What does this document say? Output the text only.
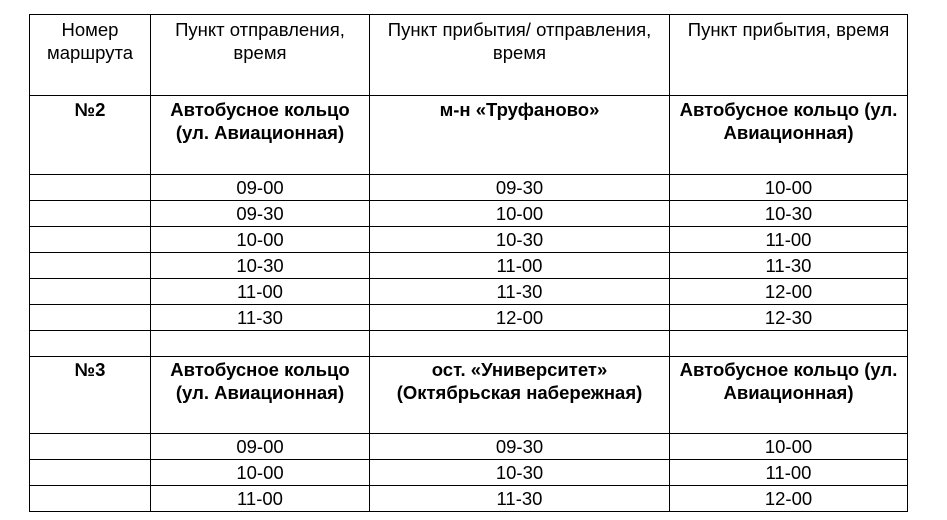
Номер маршрута	Пункт отправления, время	Пункт прибытия/ отправления, время	Пункт прибытия, время
№2	Автобусное кольцо (ул. Авиационная)	м-н «Труфаново»	Автобусное кольцо (ул. Авиационная)
	09-00	09-30	10-00
	09-30	10-00	10-30
	10-00	10-30	11-00
	10-30	11-00	11-30
	11-00	11-30	12-00
	11-30	12-00	12-30

№3	Автобусное кольцо (ул. Авиационная)	ост. «Университет» (Октябрьская набережная)	Автобусное кольцо (ул. Авиационная)
	09-00	09-30	10-00
	10-00	10-30	11-00
	11-00	11-30	12-00
